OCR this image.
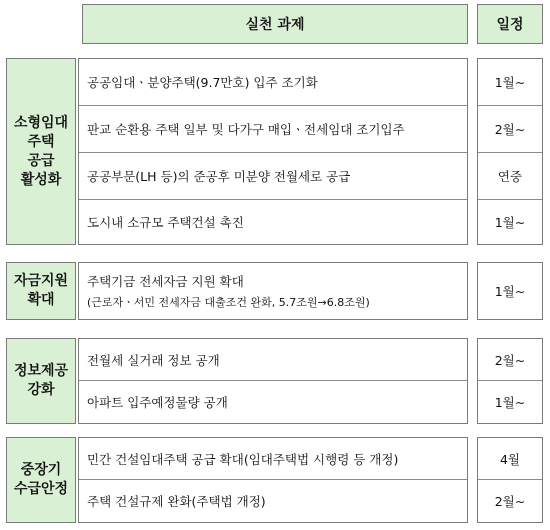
실천 과제	일정
소형임대
주택
공급
활성화
공공임대ㆍ분양주택(9.7만호) 입주 조기화
판교 순환용 주택 일부 및 다가구 매입ㆍ전세임대 조기입주
공공부문(LH 등)의 준공후 미분양 전월세로 공급
도시내 소규모 주택건설 촉진
1월∼
2월∼
연중
1월∼
자금지원
확대
주택기금 전세자금 지원 확대
(근로자ㆍ서민 전세자금 대출조건 완화, 5.7조원→6.8조원)
1월∼
정보제공
강화
전월세 실거래 정보 공개
아파트 입주예정물량 공개
2월∼
1월∼
중장기
수급안정
민간 건설임대주택 공급 확대(임대주택법 시행령 등 개정)
주택 건설규제 완화(주택법 개정)
4월
2월∼
